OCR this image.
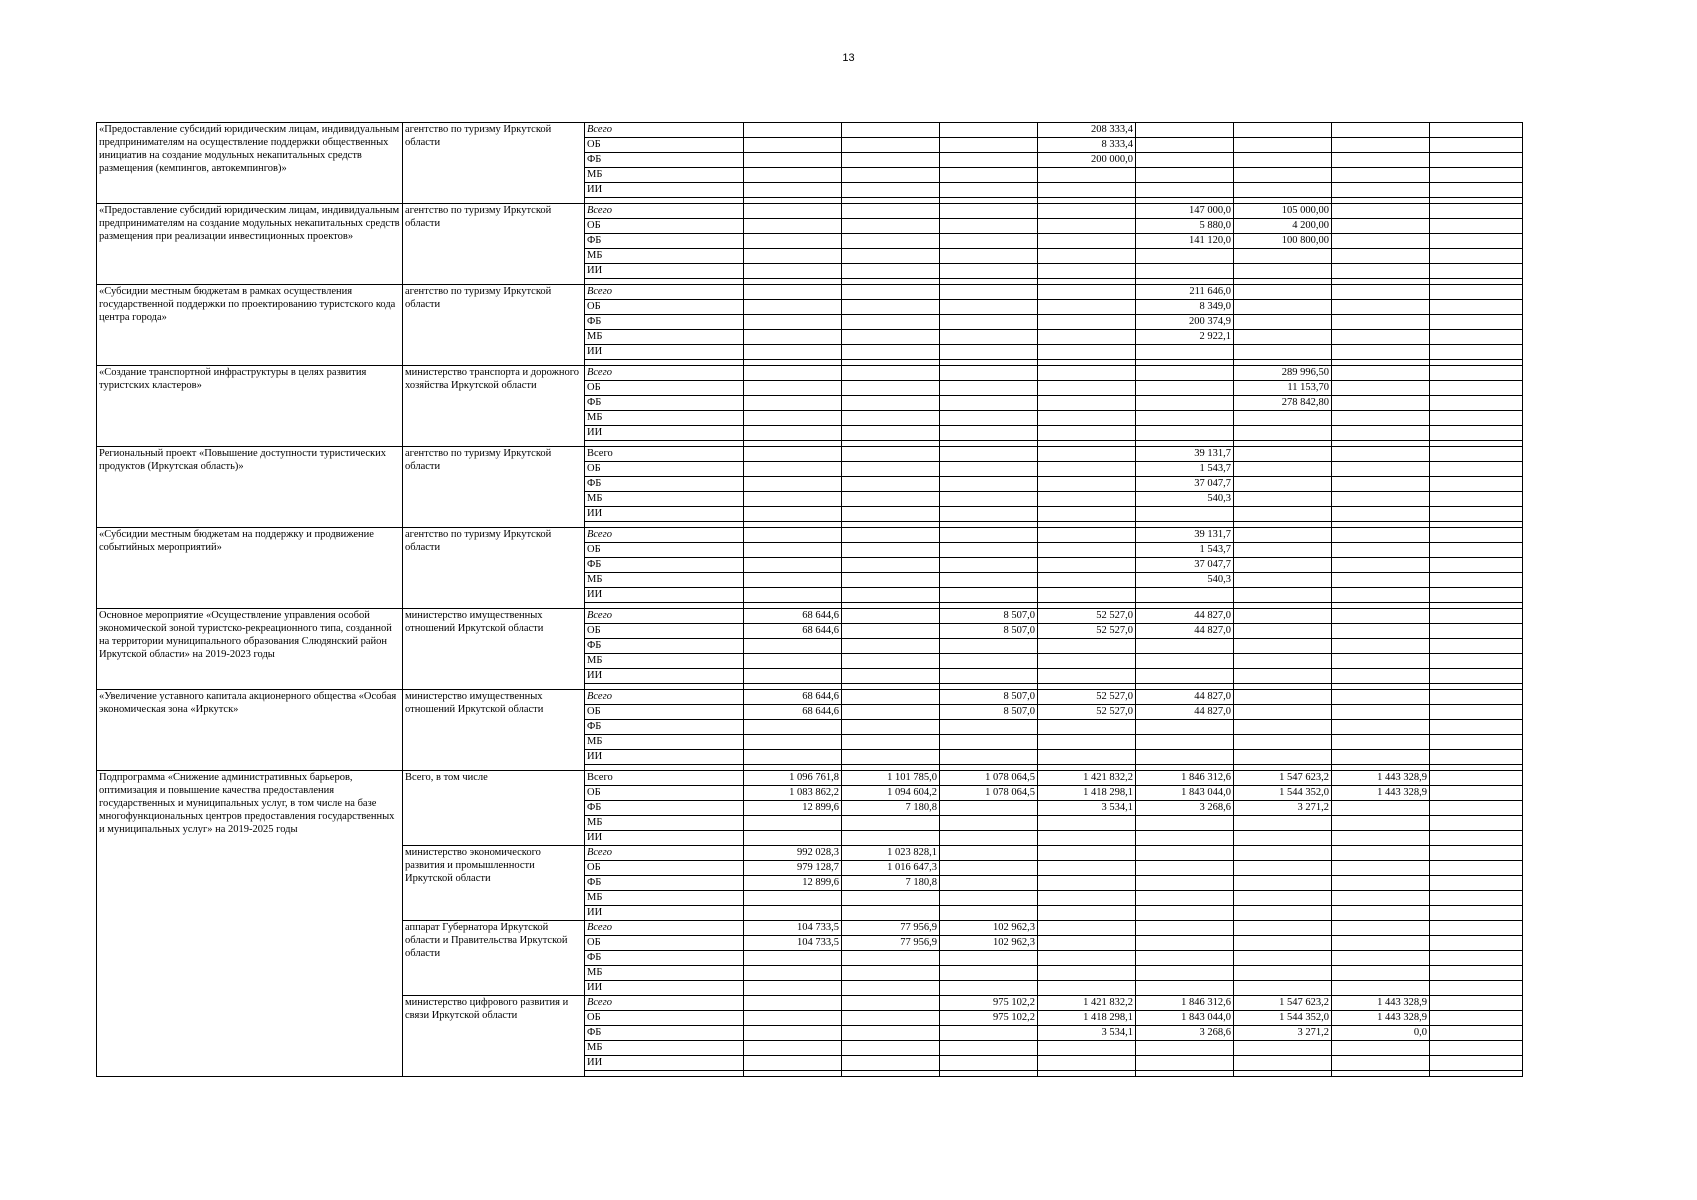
13
«Предоставление субсидий юридическим лицам, индивидуальным предпринимателям на осуществление поддержки общественных инициатив на создание модульных некапитальных средств размещения (кемпингов, автокемпингов)»	агентство по туризму Иркутской области	Всего				208 333,4				
		ОБ				8 333,4				
		ФБ				200 000,0				
		МБ								
		ИИ								

«Предоставление субсидий юридическим лицам, индивидуальным предпринимателям на создание модульных некапитальных средств размещения при реализации инвестиционных проектов»	агентство по туризму Иркутской области	Всего					147 000,0	105 000,00		
		ОБ					5 880,0	4 200,00		
		ФБ					141 120,0	100 800,00		
		МБ								
		ИИ								

«Субсидии местным бюджетам в рамках осуществления государственной поддержки по проектированию туристского кода центра города»	агентство по туризму Иркутской области	Всего					211 646,0			
		ОБ					8 349,0			
		ФБ					200 374,9			
		МБ					2 922,1			
		ИИ								

«Создание транспортной инфраструктуры в целях развития туристских кластеров»	министерство транспорта и дорожного хозяйства Иркутской области	Всего						289 996,50		
		ОБ						11 153,70		
		ФБ						278 842,80		
		МБ								
		ИИ								

Региональный проект «Повышение доступности туристических продуктов (Иркутская область)»	агентство по туризму Иркутской области	Всего					39 131,7			
		ОБ					1 543,7			
		ФБ					37 047,7			
		МБ					540,3			
		ИИ								

«Субсидии местным бюджетам на поддержку и продвижение событийных мероприятий»	агентство по туризму Иркутской области	Всего					39 131,7			
		ОБ					1 543,7			
		ФБ					37 047,7			
		МБ					540,3			
		ИИ								

Основное мероприятие «Осуществление управления особой экономической зоной туристско-рекреационного типа, созданной на территории муниципального образования Слюдянский район Иркутской области» на 2019-2023 годы	министерство имущественных отношений Иркутской области	Всего	68 644,6		8 507,0	52 527,0	44 827,0			
		ОБ	68 644,6		8 507,0	52 527,0	44 827,0			
		ФБ								
		МБ								
		ИИ								

«Увеличение уставного капитала акционерного общества «Особая экономическая зона «Иркутск»	министерство имущественных отношений Иркутской области	Всего	68 644,6		8 507,0	52 527,0	44 827,0			
		ОБ	68 644,6		8 507,0	52 527,0	44 827,0			
		ФБ								
		МБ								
		ИИ								

Подпрограмма «Снижение административных барьеров, оптимизация и повышение качества предоставления государственных и муниципальных услуг, в том числе на базе многофункциональных центров предоставления государственных и муниципальных услуг» на 2019-2025 годы	Всего, в том числе	Всего	1 096 761,8	1 101 785,0	1 078 064,5	1 421 832,2	1 846 312,6	1 547 623,2	1 443 328,9	
		ОБ	1 083 862,2	1 094 604,2	1 078 064,5	1 418 298,1	1 843 044,0	1 544 352,0	1 443 328,9	
		ФБ	12 899,6	7 180,8		3 534,1	3 268,6	3 271,2		
		МБ								
		ИИ								
	министерство экономического развития и промышленности Иркутской области	Всего	992 028,3	1 023 828,1						
		ОБ	979 128,7	1 016 647,3						
		ФБ	12 899,6	7 180,8						
		МБ								
		ИИ								
	аппарат Губернатора Иркутской области и Правительства Иркутской области	Всего	104 733,5	77 956,9	102 962,3					
		ОБ	104 733,5	77 956,9	102 962,3					
		ФБ								
		МБ								
		ИИ								
	министерство цифрового развития и связи Иркутской области	Всего			975 102,2	1 421 832,2	1 846 312,6	1 547 623,2	1 443 328,9	
		ОБ			975 102,2	1 418 298,1	1 843 044,0	1 544 352,0	1 443 328,9	
		ФБ				3 534,1	3 268,6	3 271,2	0,0	
		МБ								
		ИИ								
